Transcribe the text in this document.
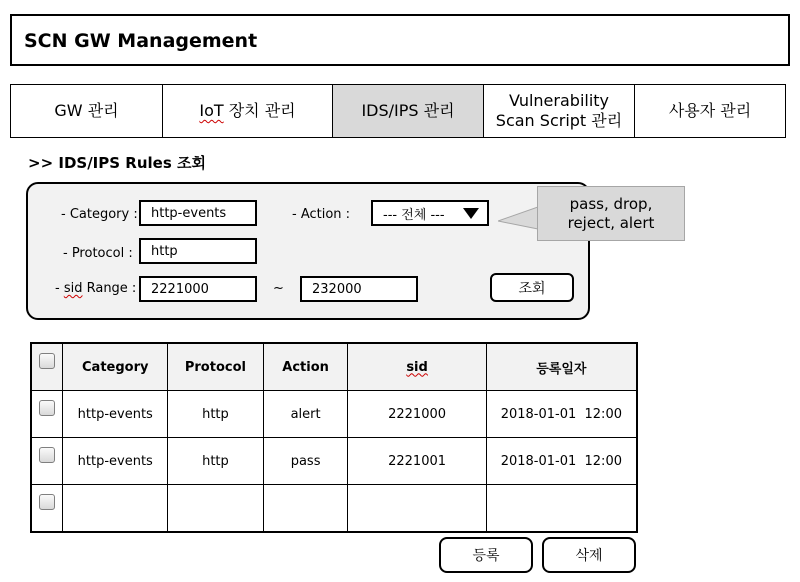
SCN GW Management
GW 관리	IoT 장치 관리	IDS/IPS 관리
Vulnerability
Scan Script 관리
사용자 관리
>> IDS/IPS Rules 조회
- Category : http-events	- Action :	--- 전체 ---
- Protocol : http
- sid Range : 2221000	~ 232000	조회
pass, drop,
reject, alert
	Category	Protocol	Action	sid	등록일자
	http-events	http	alert	2221000	2018-01-01  12:00
	http-events	http	pass	2221001	2018-01-01  12:00

등록	삭제
